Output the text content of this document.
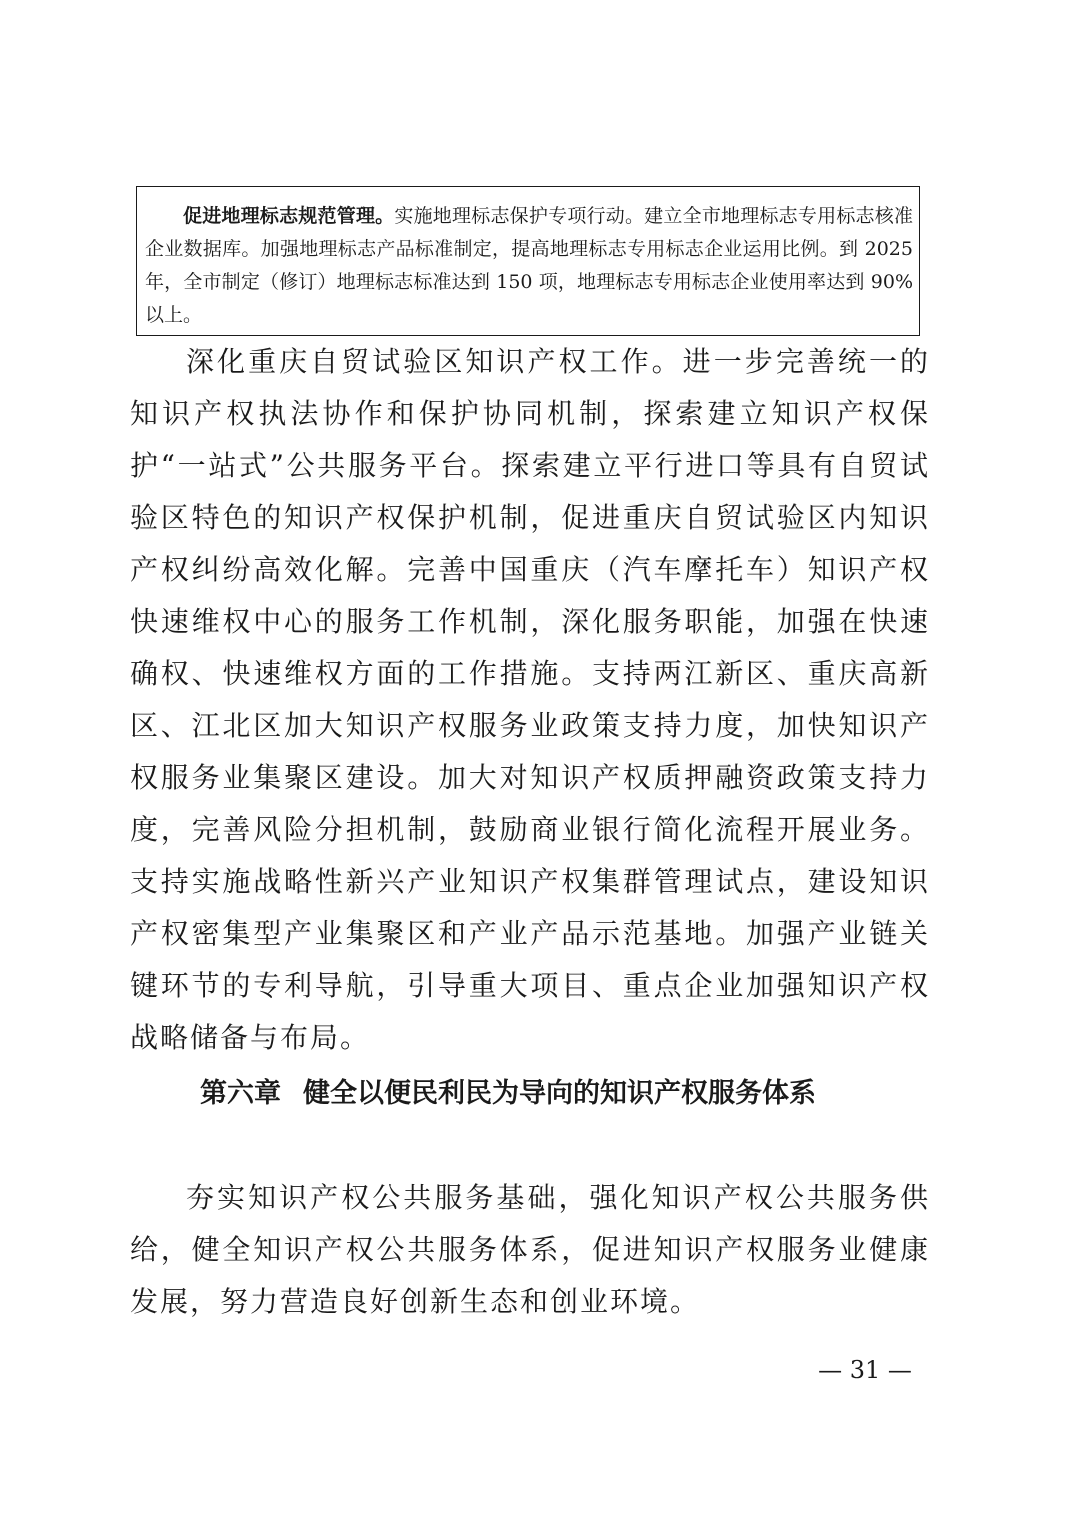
促进地理标志规范管理。实施地理标志保护专项行动。建立全市地理标志专用标志核准企业数据库。加强地理标志产品标准制定，提高地理标志专用标志企业运用比例。到 2025 年，全市制定（修订）地理标志标准达到 150 项，地理标志专用标志企业使用率达到 90%以上。

深化重庆自贸试验区知识产权工作。进一步完善统一的知识产权执法协作和保护协同机制，探索建立知识产权保护“一站式”公共服务平台。探索建立平行进口等具有自贸试验区特色的知识产权保护机制，促进重庆自贸试验区内知识产权纠纷高效化解。完善中国重庆（汽车摩托车）知识产权快速维权中心的服务工作机制，深化服务职能，加强在快速确权、快速维权方面的工作措施。支持两江新区、重庆高新区、江北区加大知识产权服务业政策支持力度，加快知识产权服务业集聚区建设。加大对知识产权质押融资政策支持力度，完善风险分担机制，鼓励商业银行简化流程开展业务。支持实施战略性新兴产业知识产权集群管理试点，建设知识产权密集型产业集聚区和产业产品示范基地。加强产业链关键环节的专利导航，引导重大项目、重点企业加强知识产权战略储备与布局。

第六章 健全以便民利民为导向的知识产权服务体系

夯实知识产权公共服务基础，强化知识产权公共服务供给，健全知识产权公共服务体系，促进知识产权服务业健康发展，努力营造良好创新生态和创业环境。

— 31 —
